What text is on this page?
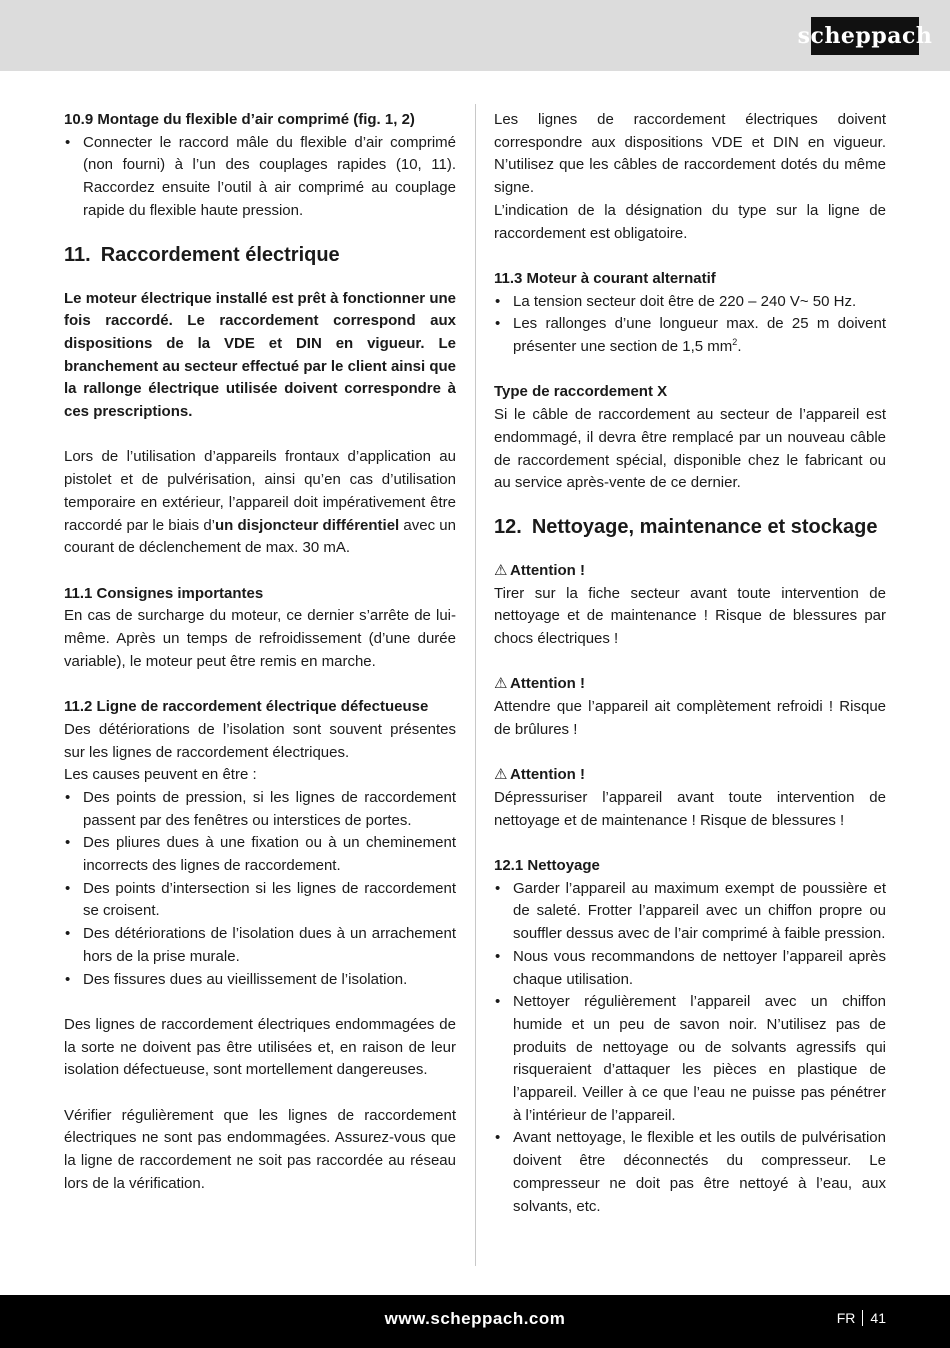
scheppach

10.9 Montage du flexible d’air comprimé (fig. 1, 2)

• Connecter le raccord mâle du flexible d’air comprimé (non fourni) à l’un des couplages rapides (10, 11). Raccordez ensuite l’outil à air comprimé au couplage rapide du flexible haute pression.
11. Raccordement électrique

Le moteur électrique installé est prêt à fonctionner une fois raccordé. Le raccordement correspond aux dispositions de la VDE et DIN en vigueur. Le branchement au secteur effectué par le client ainsi que la rallonge électrique utilisée doivent correspondre à ces prescriptions.

Lors de l’utilisation d’appareils frontaux d’application au pistolet et de pulvérisation, ainsi qu’en cas d’utilisation temporaire en extérieur, l’appareil doit impérativement être raccordé par le biais d’un disjoncteur différentiel avec un courant de déclenchement de max. 30 mA.

11.1 Consignes importantes

En cas de surcharge du moteur, ce dernier s’arrête de lui-même. Après un temps de refroidissement (d’une durée variable), le moteur peut être remis en marche.

11.2 Ligne de raccordement électrique défectueuse

Des détériorations de l’isolation sont souvent présentes sur les lignes de raccordement électriques.

Les causes peuvent en être :

• Des points de pression, si les lignes de raccordement passent par des fenêtres ou interstices de portes.
• Des pliures dues à une fixation ou à un cheminement incorrects des lignes de raccordement.
• Des points d’intersection si les lignes de raccordement se croisent.
• Des détériorations de l’isolation dues à un arrachement hors de la prise murale.
• Des fissures dues au vieillissement de l’isolation.

Des lignes de raccordement électriques endommagées de la sorte ne doivent pas être utilisées et, en raison de leur isolation défectueuse, sont mortellement dangereuses.

Vérifier régulièrement que les lignes de raccordement électriques ne sont pas endommagées. Assurez-vous que la ligne de raccordement ne soit pas raccordée au réseau lors de la vérification.

Les lignes de raccordement électriques doivent correspondre aux dispositions VDE et DIN en vigueur. N’utilisez que les câbles de raccordement dotés du même signe.

L’indication de la désignation du type sur la ligne de raccordement est obligatoire.

11.3 Moteur à courant alternatif

• La tension secteur doit être de 220 – 240 V~ 50 Hz.
• Les rallonges d’une longueur max. de 25 m doivent présenter une section de 1,5 $mm^2$.

Type de raccordement X

Si le câble de raccordement au secteur de l’appareil est endommagé, il devra être remplacé par un nouveau câble de raccordement spécial, disponible chez le fabricant ou au service après-vente de ce dernier.

12. Nettoyage, maintenance et stockage

⚠ Attention !

Tirer sur la fiche secteur avant toute intervention de nettoyage et de maintenance ! Risque de blessures par chocs électriques !

⚠ Attention !

Attendre que l’appareil ait complètement refroidi ! Risque de brûlures !

⚠ Attention !

Dépressuriser l’appareil avant toute intervention de nettoyage et de maintenance ! Risque de blessures !

12.1 Nettoyage

• Garder l’appareil au maximum exempt de poussière et de saleté. Frotter l’appareil avec un chiffon propre ou souffler dessus avec de l’air comprimé à faible pression.
• Nous vous recommandons de nettoyer l’appareil après chaque utilisation.
• Nettoyer régulièrement l’appareil avec un chiffon humide et un peu de savon noir. N’utilisez pas de produits de nettoyage ou de solvants agressifs qui risqueraient d’attaquer les pièces en plastique de l’appareil. Veiller à ce que l’eau ne puisse pas pénétrer à l’intérieur de l’appareil.
• Avant nettoyage, le flexible et les outils de pulvérisation doivent être déconnectés du compresseur. Le compresseur ne doit pas être nettoyé à l’eau, aux solvants, etc.
www.scheppach.com	FR 41
